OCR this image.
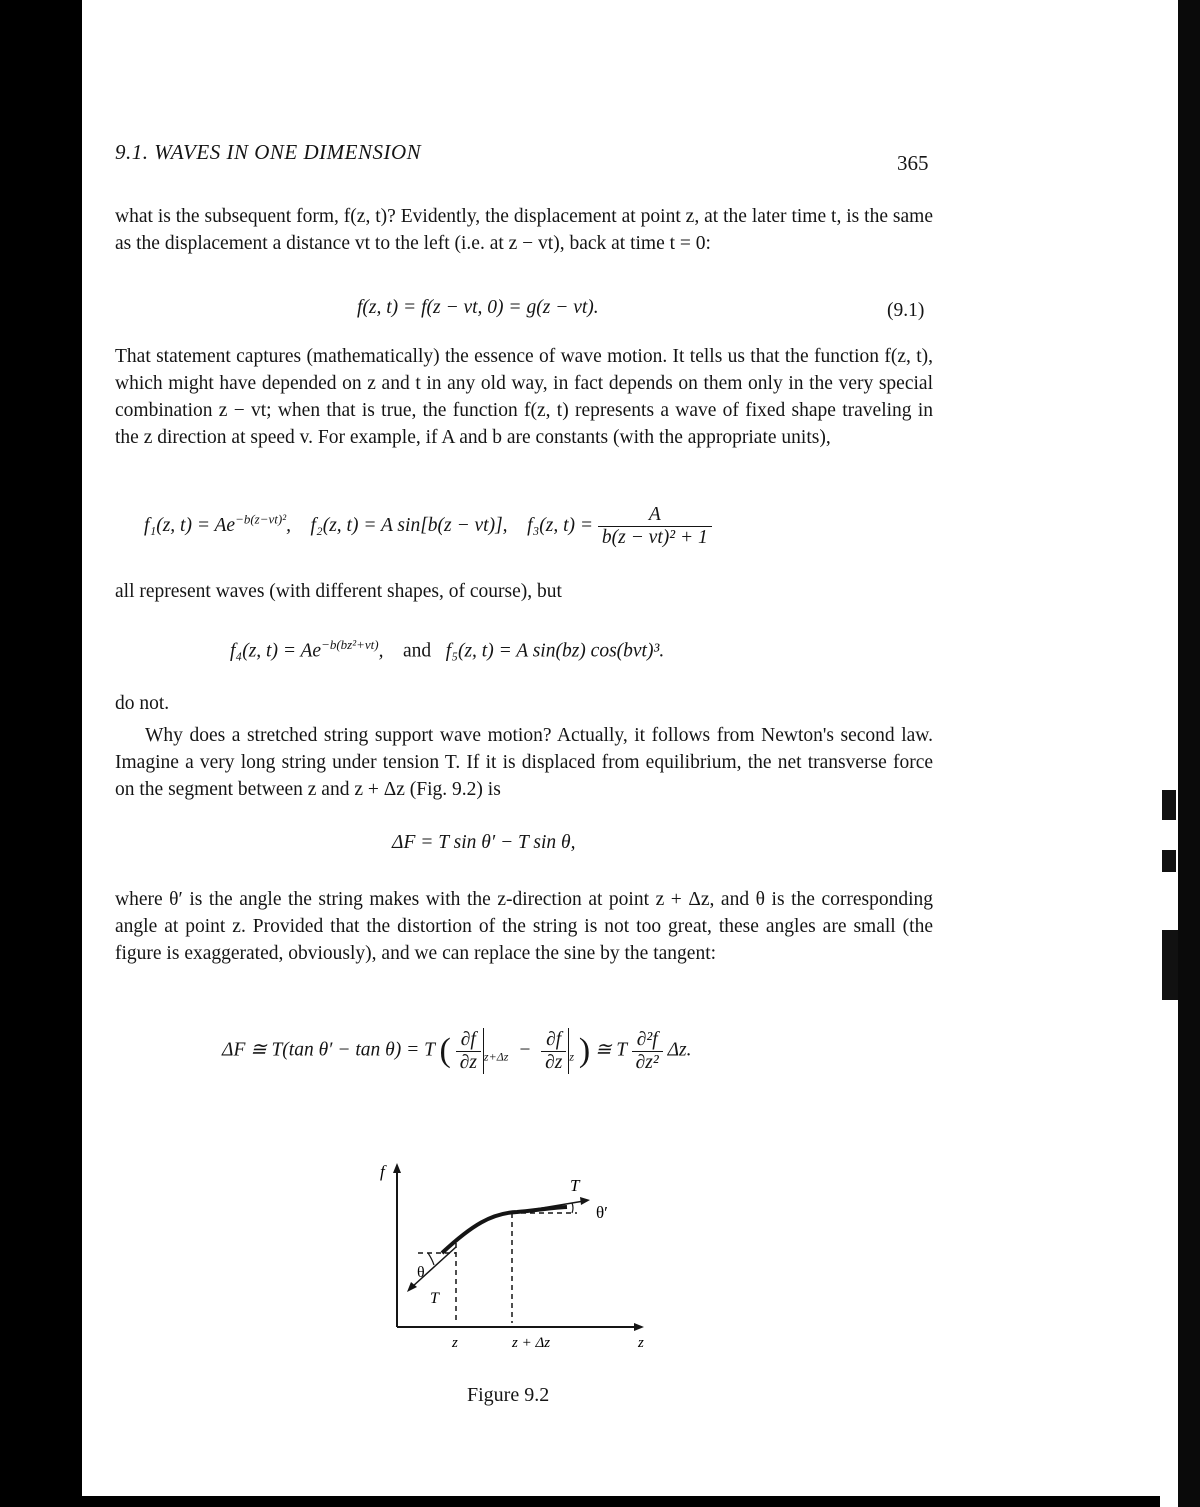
9.1. WAVES IN ONE DIMENSION	365
what is the subsequent form, f(z, t)? Evidently, the displacement at point z, at the later time t, is the same as the displacement a distance vt to the left (i.e. at z − vt), back at time t = 0:
f(z, t) = f(z − vt, 0) = g(z − vt).	(9.1)
That statement captures (mathematically) the essence of wave motion. It tells us that the function f(z, t), which might have depended on z and t in any old way, in fact depends on them only in the very special combination z − vt; when that is true, the function f(z, t) represents a wave of fixed shape traveling in the z direction at speed v. For example, if A and b are constants (with the appropriate units),
f₁(z, $t) = Ae^{-b(z-vt)^2}$,    f₂(z, t) = A sin[b(z − vt)], f₃(z, $t) = \frac{A}{\text{b(z − vt)² + 1}}$
all represent waves (with different shapes, of course), but
f₄(z, $t) = Ae^{-b(bz^2+vt)}$,    and f₅(z, t) = A sin(bz) cos(bvt)³.
do not.
Why does a stretched string support wave motion? Actually, it follows from Newton's second law. Imagine a very long string under tension T. If it is displaced from equilibrium, the net transverse force on the segment between z and z + Δz (Fig. 9.2) is
ΔF = T sin θ′ − T sin θ,
where θ′ is the angle the string makes with the z-direction at point z + Δz, and θ is the corresponding angle at point z. Provided that the distortion of the string is not too great, these angles are small (the figure is exaggerated, obviously), and we can replace the sine by the tangent:
ΔF ≅ T(tan θ′ − tan θ) = T ( $\frac{\partial f}{\partial z} _{z+\Delta z} - \frac{\partial f}{\partial z} _z$ ) ≅ T $\frac{\text{∂²f}}{\text{∂z²}} \Delta z$.
f
T
θ′
θ
T
z	z + Δz	z
Figure 9.2
